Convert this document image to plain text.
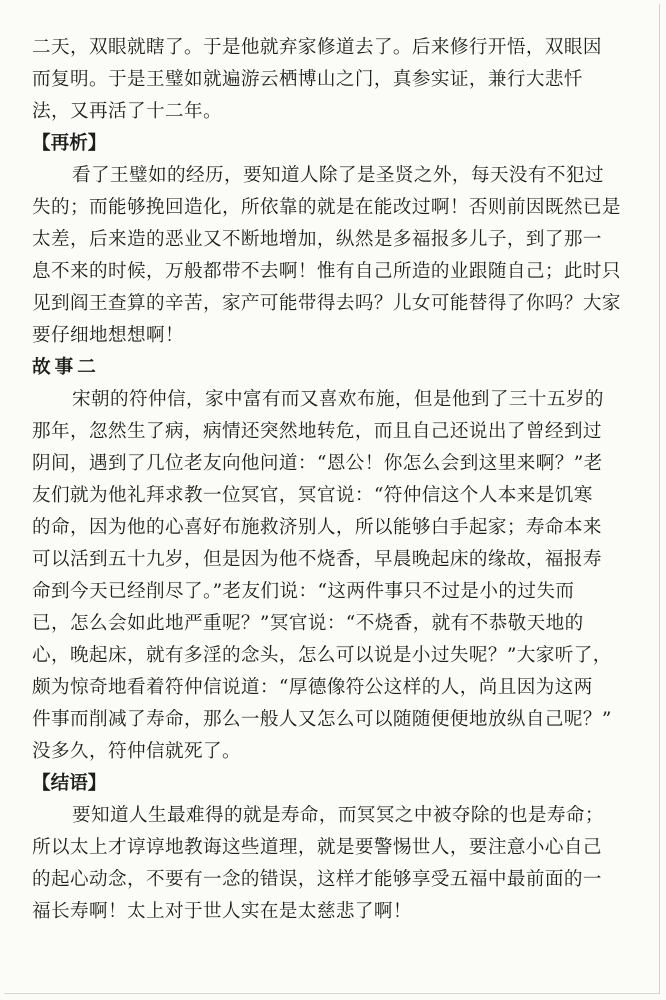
二天，双眼就瞎了。于是他就弃家修道去了。后来修行开悟，双眼因
而复明。于是王璧如就遍游云栖博山之门，真参实证，兼行大悲忏
法，又再活了十二年。
【再析】
看了王璧如的经历，要知道人除了是圣贤之外，每天没有不犯过
失的；而能够挽回造化，所依靠的就是在能改过啊！否则前因既然已是
太差，后来造的恶业又不断地增加，纵然是多福报多儿子，到了那一
息不来的时候，万般都带不去啊！惟有自己所造的业跟随自己；此时只
见到阎王查算的辛苦，家产可能带得去吗？儿女可能替得了你吗？大家
要仔细地想想啊！
故事二
宋朝的符仲信，家中富有而又喜欢布施，但是他到了三十五岁的
那年，忽然生了病，病情还突然地转危，而且自己还说出了曾经到过
阴间，遇到了几位老友向他问道：“恩公！你怎么会到这里来啊？”老
友们就为他礼拜求教一位冥官，冥官说：“符仲信这个人本来是饥寒
的命，因为他的心喜好布施救济别人，所以能够白手起家；寿命本来
可以活到五十九岁，但是因为他不烧香，早晨晚起床的缘故，福报寿
命到今天已经削尽了。”老友们说：“这两件事只不过是小的过失而
已，怎么会如此地严重呢？”冥官说：“不烧香，就有不恭敬天地的
心，晚起床，就有多淫的念头，怎么可以说是小过失呢？”大家听了，
颇为惊奇地看着符仲信说道：“厚德像符公这样的人，尚且因为这两
件事而削减了寿命，那么一般人又怎么可以随随便便地放纵自己呢？”
没多久，符仲信就死了。
【结语】
要知道人生最难得的就是寿命，而冥冥之中被夺除的也是寿命；
所以太上才谆谆地教诲这些道理，就是要警惕世人，要注意小心自己
的起心动念，不要有一念的错误，这样才能够享受五福中最前面的一
福长寿啊！太上对于世人实在是太慈悲了啊！
